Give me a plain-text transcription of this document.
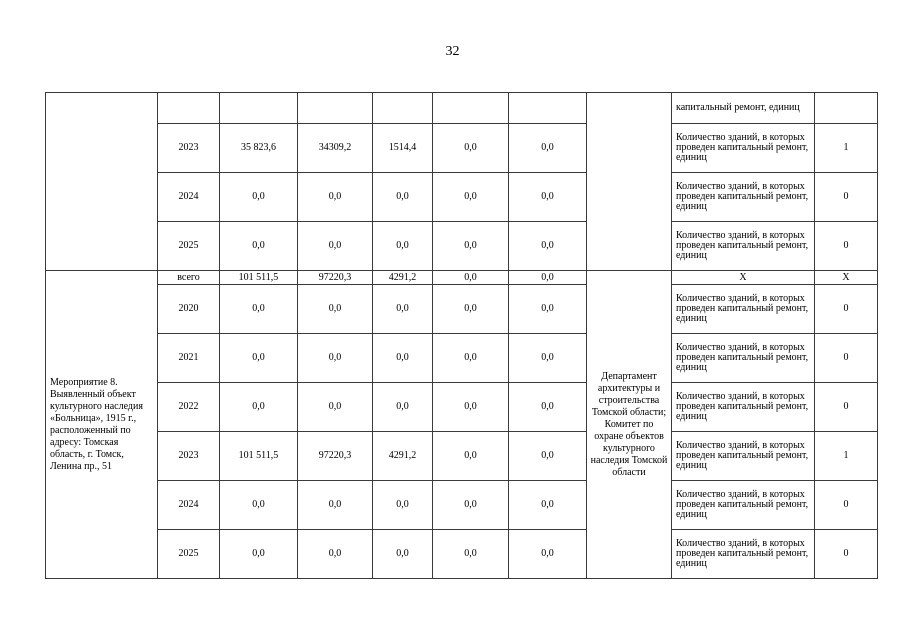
32
								капитальный ремонт, единиц	
	2023	35 823,6	34309,2	1514,4	0,0	0,0		Количество зданий, в которых проведен капитальный ремонт, единиц	1
	2024	0,0	0,0	0,0	0,0	0,0		Количество зданий, в которых проведен капитальный ремонт, единиц	0
	2025	0,0	0,0	0,0	0,0	0,0		Количество зданий, в которых проведен капитальный ремонт, единиц	0
Мероприятие 8. Выявленный объект культурного наследия «Больница», 1915 г., расположенный по адресу: Томская область, г. Томск, Ленина пр., 51	всего	101 511,5	97220,3	4291,2	0,0	0,0	Департамент архитектуры и строительства Томской области; Комитет по охране объектов культурного наследия Томской области	Х	Х
	2020	0,0	0,0	0,0	0,0	0,0		Количество зданий, в которых проведен капитальный ремонт, единиц	0
	2021	0,0	0,0	0,0	0,0	0,0		Количество зданий, в которых проведен капитальный ремонт, единиц	0
	2022	0,0	0,0	0,0	0,0	0,0		Количество зданий, в которых проведен капитальный ремонт, единиц	0
	2023	101 511,5	97220,3	4291,2	0,0	0,0		Количество зданий, в которых проведен капитальный ремонт, единиц	1
	2024	0,0	0,0	0,0	0,0	0,0		Количество зданий, в которых проведен капитальный ремонт, единиц	0
	2025	0,0	0,0	0,0	0,0	0,0		Количество зданий, в которых проведен капитальный ремонт, единиц	0
